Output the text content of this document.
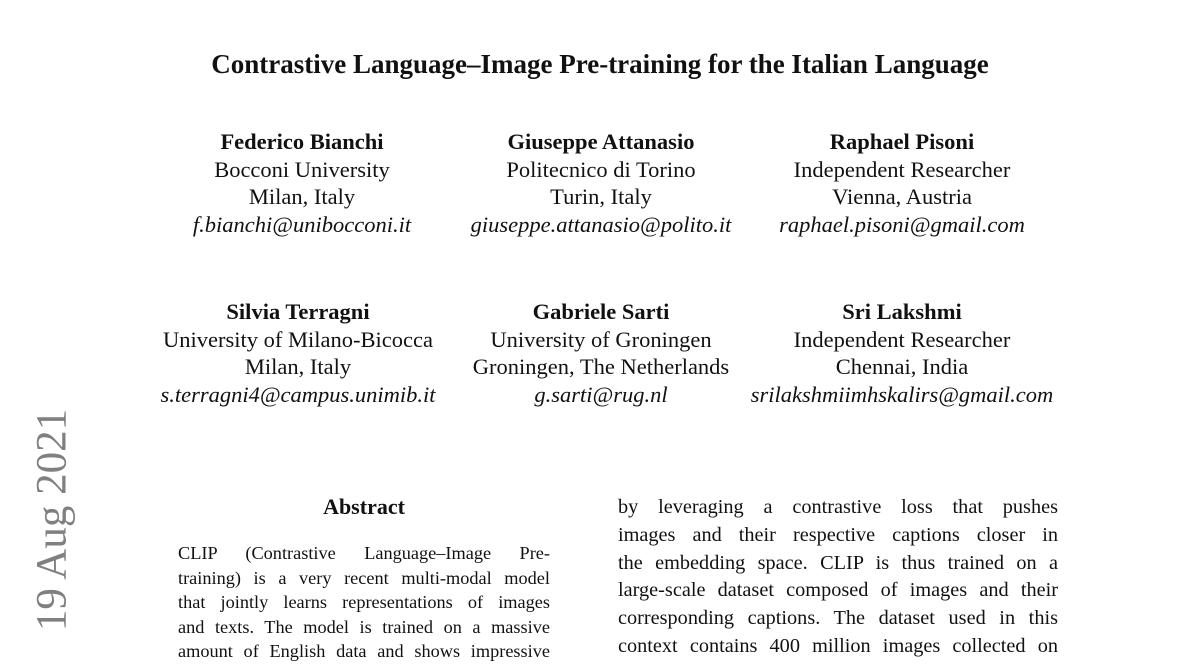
Contrastive Language–Image Pre-training for the Italian Language
Federico Bianchi
Bocconi University
Milan, Italy
f.bianchi@unibocconi.it
Giuseppe Attanasio
Politecnico di Torino
Turin, Italy
giuseppe.attanasio@polito.it
Raphael Pisoni
Independent Researcher
Vienna, Austria
raphael.pisoni@gmail.com
Silvia Terragni
University of Milano-Bicocca
Milan, Italy
s.terragni4@campus.unimib.it
Gabriele Sarti
University of Groningen
Groningen, The Netherlands
g.sarti@rug.nl
Sri Lakshmi
Independent Researcher
Chennai, India
srilakshmiimhskalirs@gmail.com
19 Aug 2021	Abstract
CLIP (Contrastive Language–Image Pre-
training) is a very recent multi-modal model
that jointly learns representations of images
and texts. The model is trained on a massive
amount of English data and shows impressive
by leveraging a contrastive loss that pushes
images and their respective captions closer in
the embedding space. CLIP is thus trained on a
large-scale dataset composed of images and their
corresponding captions. The dataset used in this
context contains 400 million images collected on
